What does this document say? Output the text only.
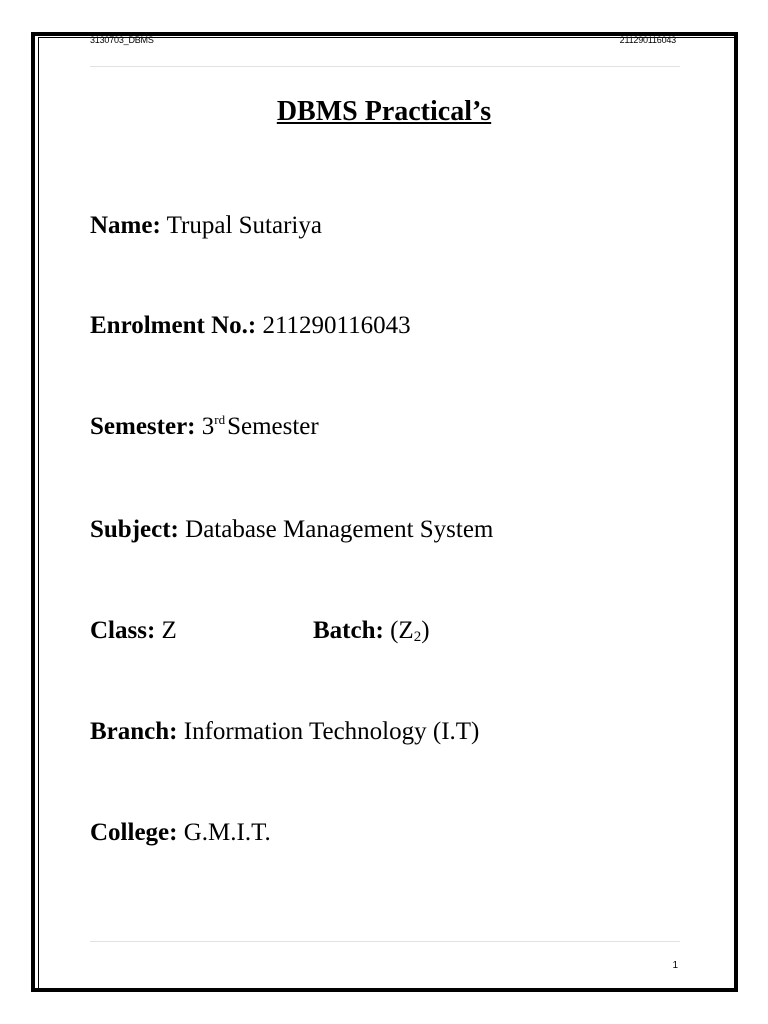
3130703_DBMS	211290116043
DBMS Practical’s
Name: Trupal Sutariya
Enrolment No.: 211290116043
Semester: 3rdSemester
Subject: Database Management System
Class: Z	Batch: $(Z_2)$
Branch: Information Technology (I.T)
College: G.M.I.T.
1
